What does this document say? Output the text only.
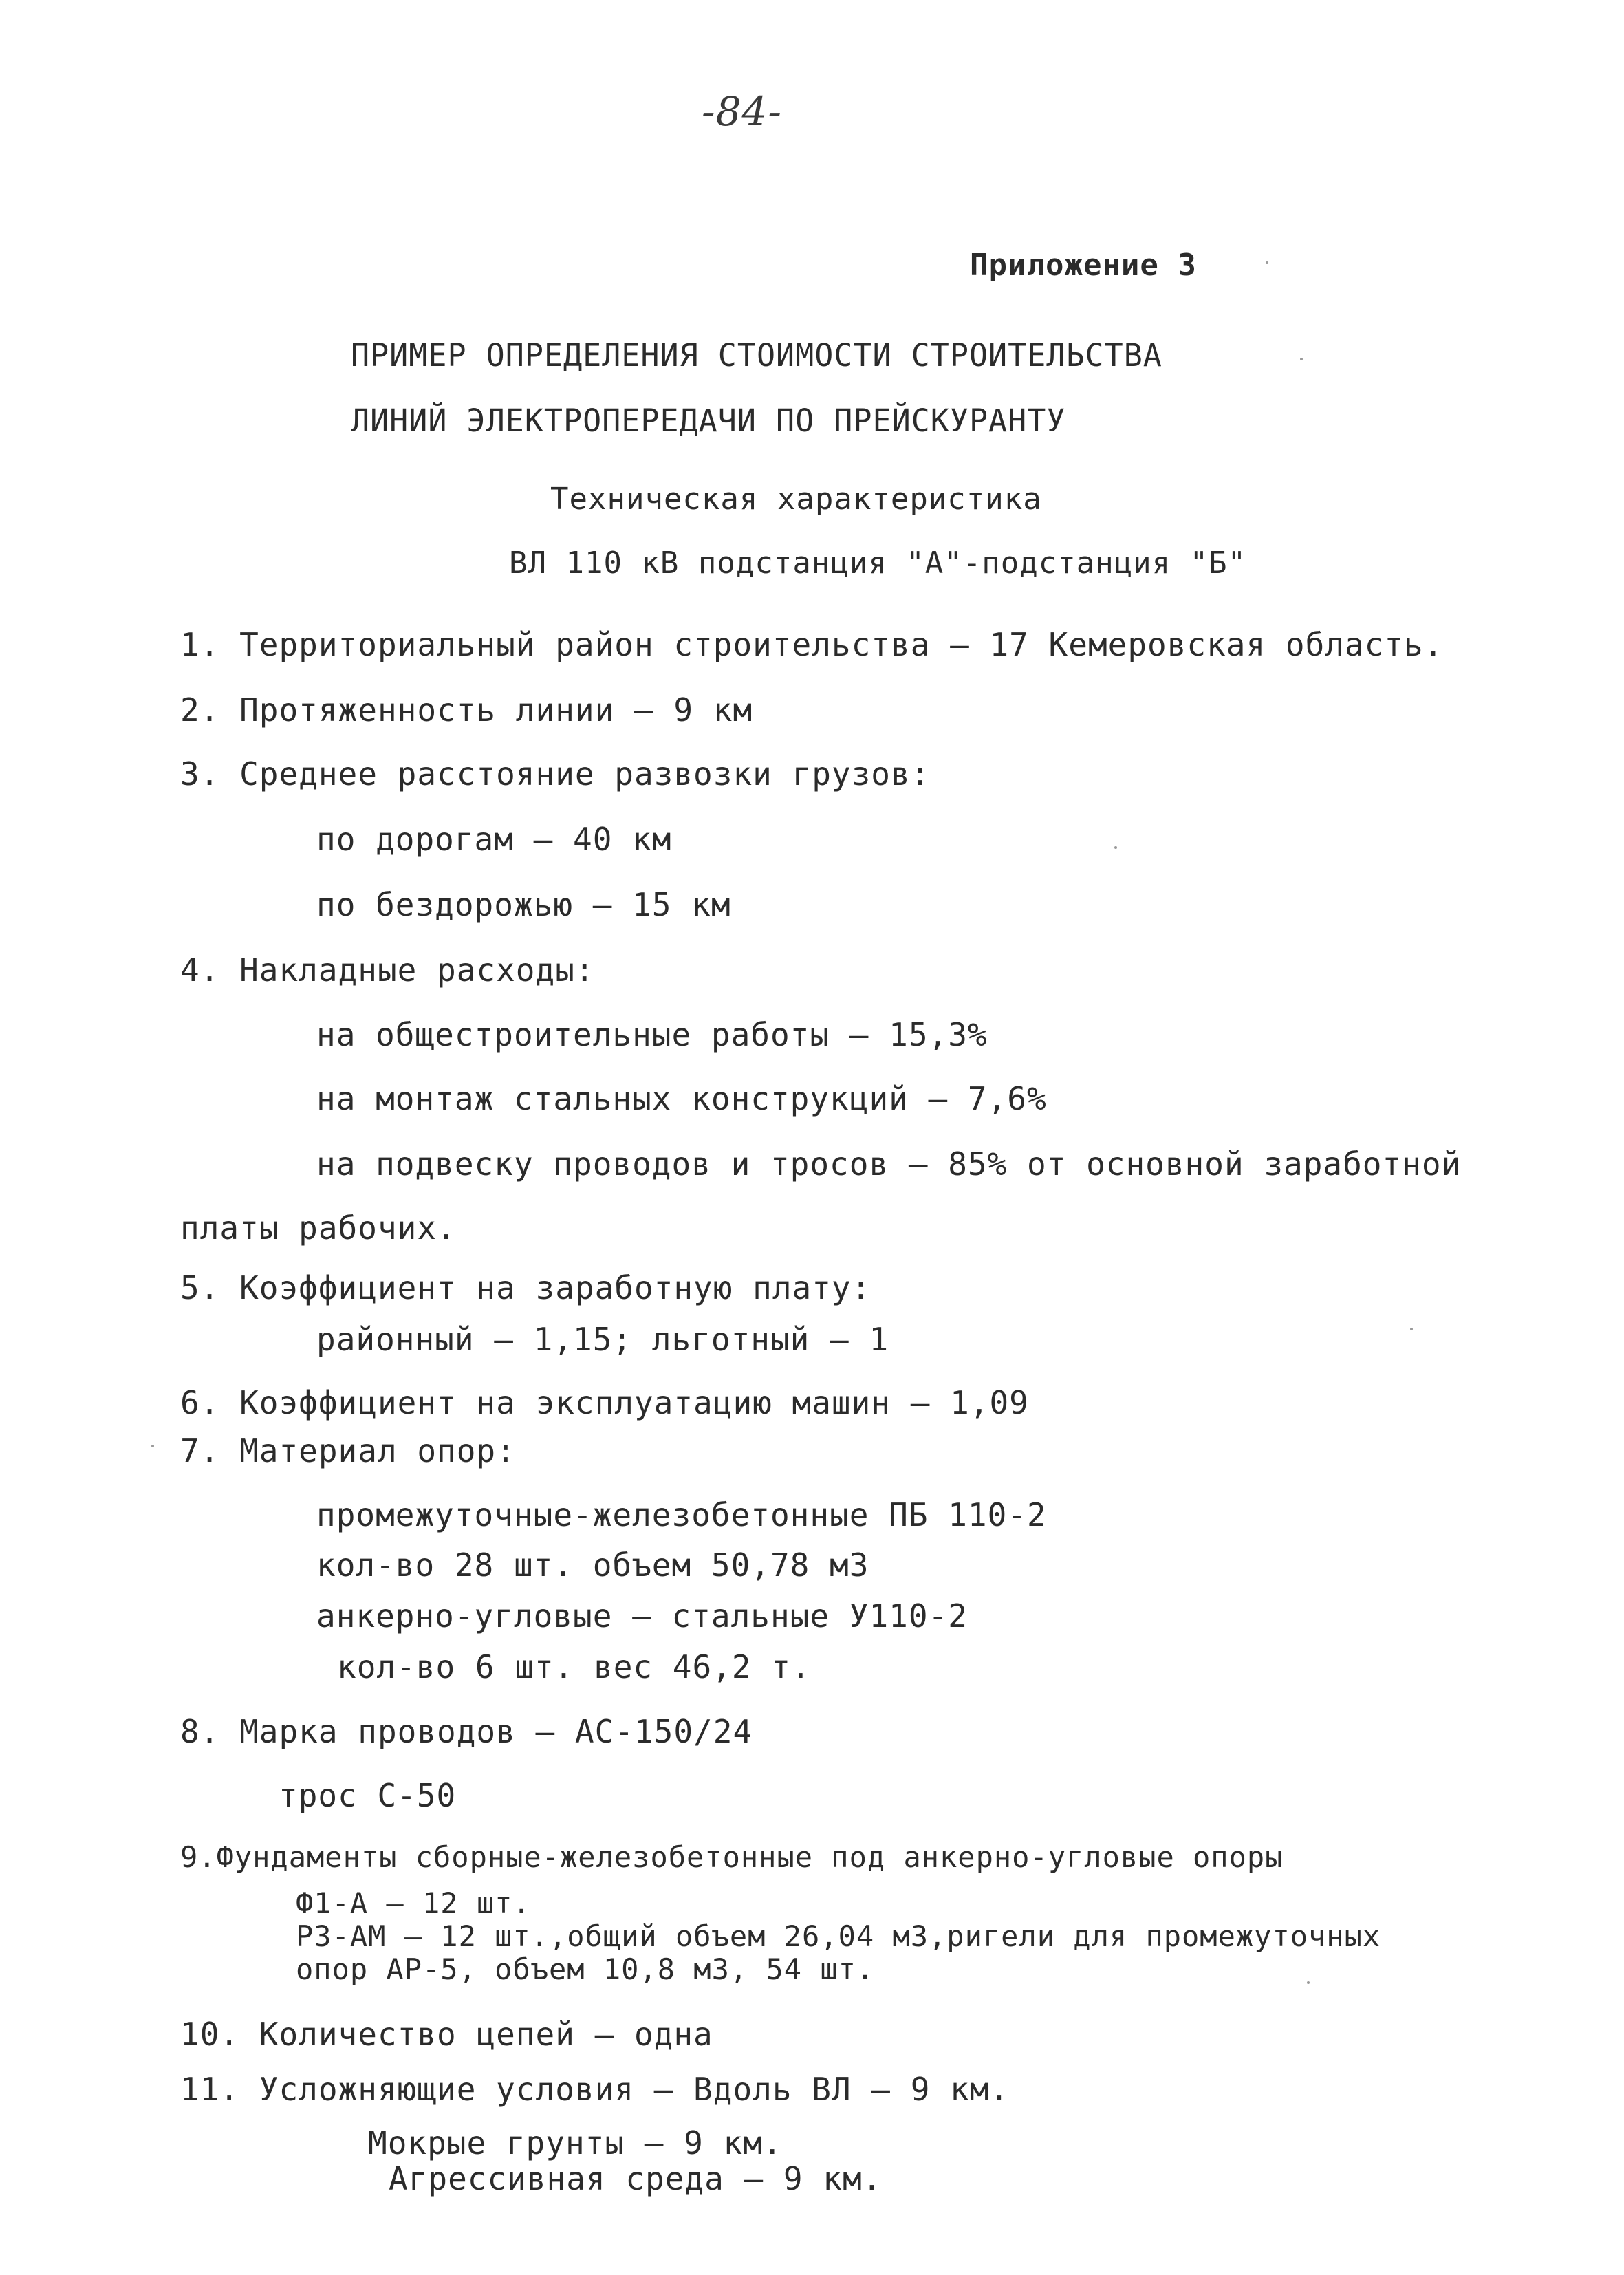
-84-
Приложение 3
ПРИМЕР ОПРЕДЕЛЕНИЯ СТОИМОСТИ СТРОИТЕЛЬСТВА
ЛИНИЙ ЭЛЕКТРОПЕРЕДАЧИ ПО ПРЕЙСКУРАНТУ
Техническая характеристика
ВЛ 110 кВ подстанция "А"-подстанция "Б"
1. Территориальный район строительства – 17 Кемеровская область.
2. Протяженность линии – 9 км
3. Среднее расстояние развозки грузов:
по дорогам – 40 км
по бездорожью – 15 км
4. Накладные расходы:
на общестроительные работы – 15,3%
на монтаж стальных конструкций – 7,6%
на подвеску проводов и тросов – 85% от основной заработной
платы рабочих.
5. Коэффициент на заработную плату:
районный – 1,15; льготный – 1
6. Коэффициент на эксплуатацию машин – 1,09
7. Материал опор:
промежуточные-железобетонные ПБ 110-2
кол-во 28 шт. объем 50,78 м3
анкерно-угловые – стальные У110-2
кол-во 6 шт. вес 46,2 т.
8. Марка проводов – АС-150/24
трос С-50
9.Фундаменты сборные-железобетонные под анкерно-угловые опоры
Ф1-А – 12 шт.
Р3-АМ – 12 шт.,общий объем 26,04 м3,ригели для промежуточных
опор АР-5, объем 10,8 м3, 54 шт.
10. Количество цепей – одна
11. Усложняющие условия – Вдоль ВЛ – 9 км.
Мокрые грунты – 9 км.
Агрессивная среда – 9 км.
